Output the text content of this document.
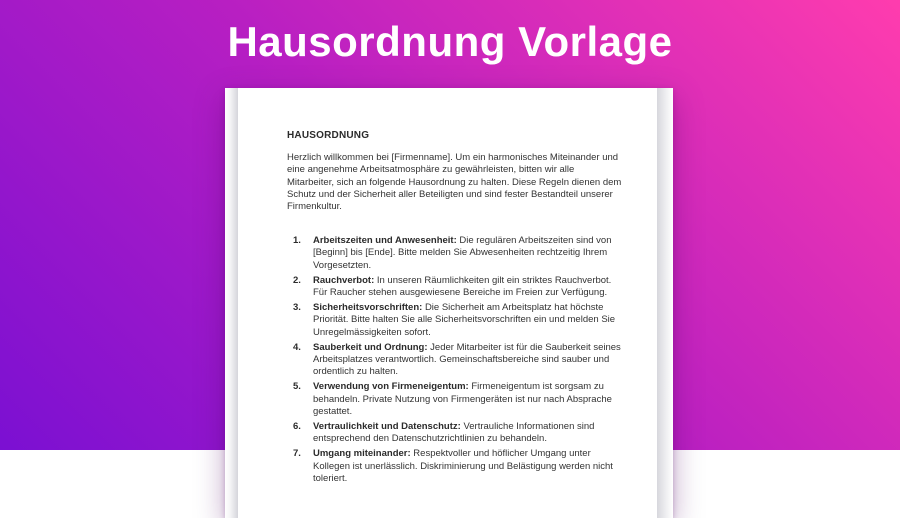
Hausordnung Vorlage
HAUSORDNUNG

Herzlich willkommen bei [Firmenname]. Um ein harmonisches Miteinander und eine angenehme Arbeitsatmosphäre zu gewährleisten, bitten wir alle Mitarbeiter, sich an folgende Hausordnung zu halten. Diese Regeln dienen dem Schutz und der Sicherheit aller Beteiligten und sind fester Bestandteil unserer Firmenkultur.

1.	Arbeitszeiten und Anwesenheit: Die regulären Arbeitszeiten sind von [Beginn] bis [Ende]. Bitte melden Sie Abwesenheiten rechtzeitig Ihrem Vorgesetzten.
2.	Rauchverbot: In unseren Räumlichkeiten gilt ein striktes Rauchverbot. Für Raucher stehen ausgewiesene Bereiche im Freien zur Verfügung.
3.	Sicherheitsvorschriften: Die Sicherheit am Arbeitsplatz hat höchste Priorität. Bitte halten Sie alle Sicherheitsvorschriften ein und melden Sie Unregelmässigkeiten sofort.
4.	Sauberkeit und Ordnung: Jeder Mitarbeiter ist für die Sauberkeit seines Arbeitsplatzes verantwortlich. Gemeinschaftsbereiche sind sauber und ordentlich zu halten.
5.	Verwendung von Firmeneigentum: Firmeneigentum ist sorgsam zu behandeln. Private Nutzung von Firmengeräten ist nur nach Absprache gestattet.
6.	Vertraulichkeit und Datenschutz: Vertrauliche Informationen sind entsprechend den Datenschutzrichtlinien zu behandeln.
7.	Umgang miteinander: Respektvoller und höflicher Umgang unter Kollegen ist unerlässlich. Diskriminierung und Belästigung werden nicht toleriert.
